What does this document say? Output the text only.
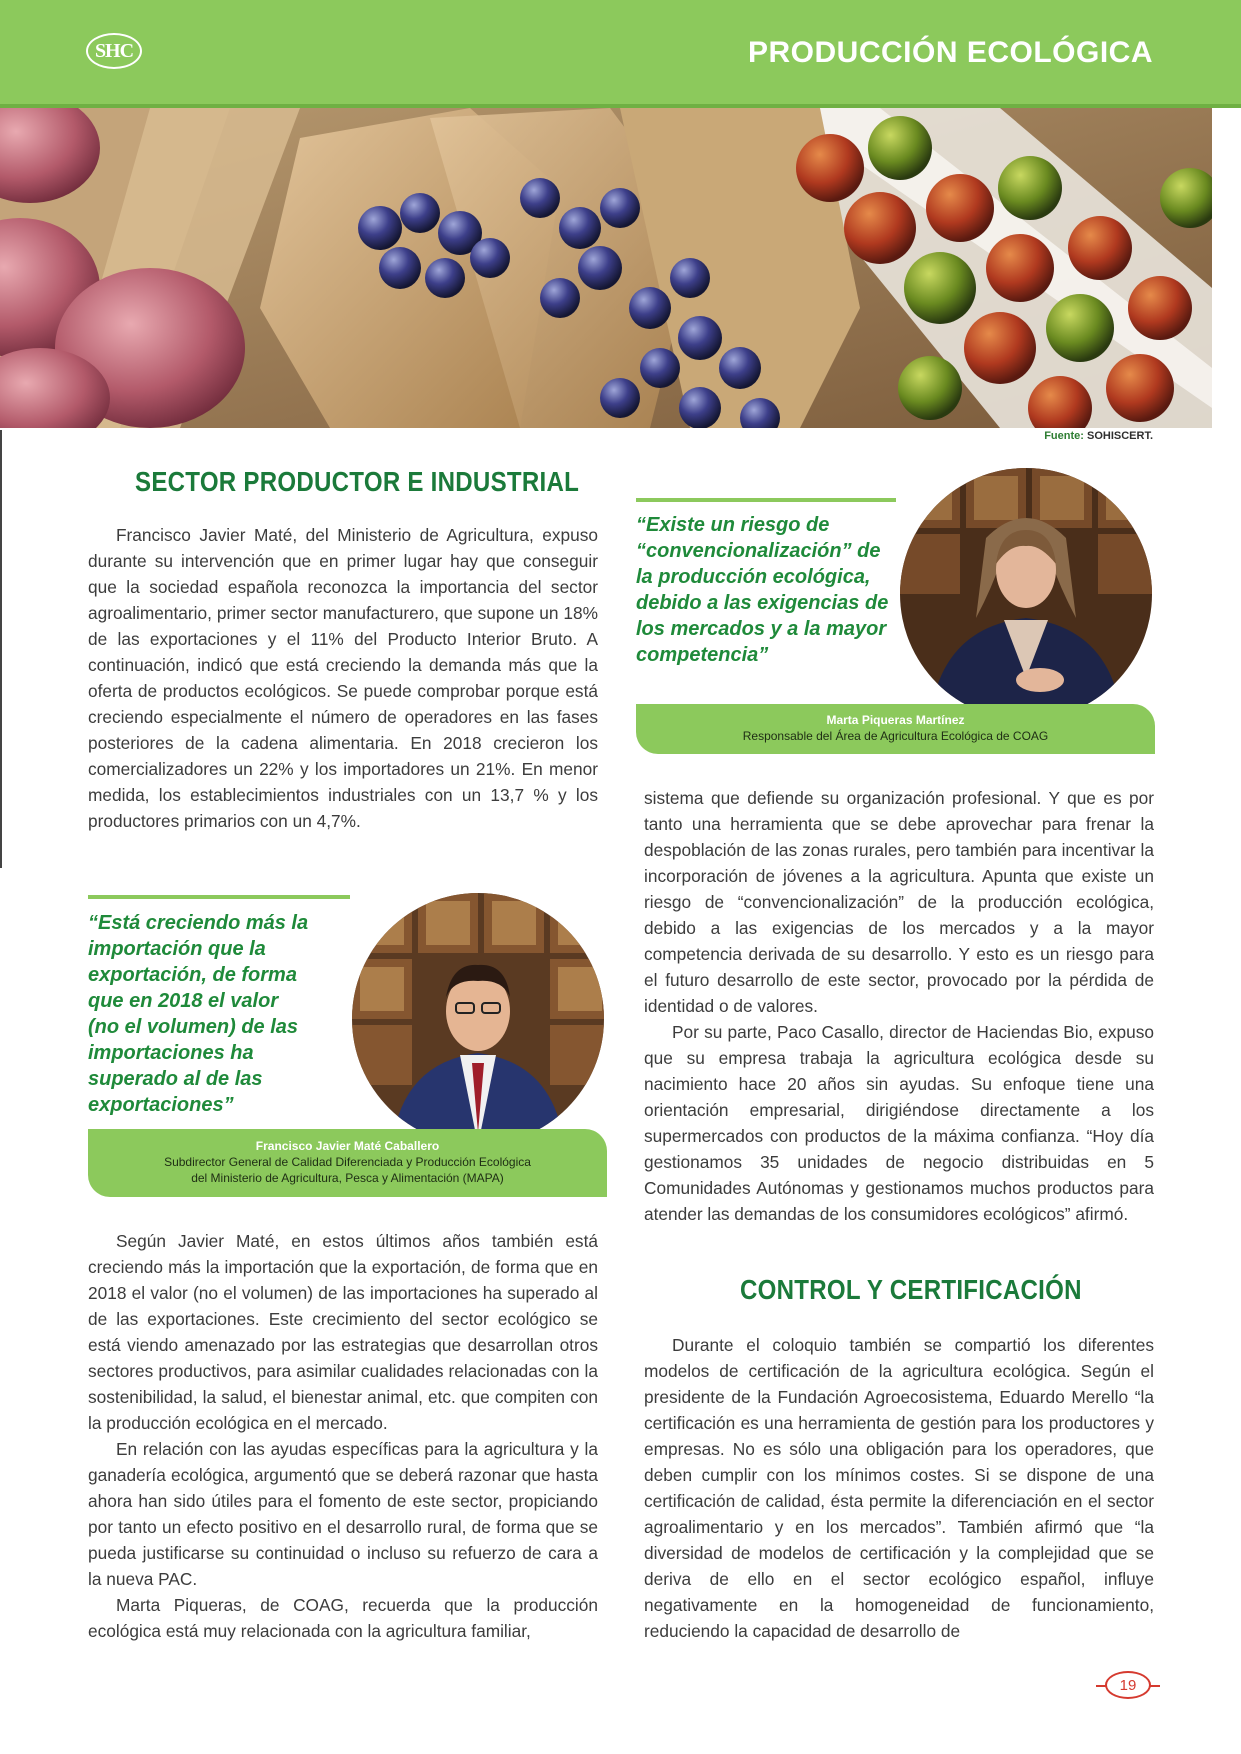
SHC	PRODUCCIÓN ECOLÓGICA
Fuente: SOHISCERT.
SECTOR PRODUCTOR E INDUSTRIAL

Francisco Javier Maté, del Ministerio de Agricultura, expuso durante su intervención que en primer lugar hay que conseguir que la sociedad española reconozca la importancia del sector agroalimentario, primer sector manufacturero, que supone un 18% de las exportaciones y el 11% del Producto Interior Bruto. A continuación, indicó que está creciendo la demanda más que la oferta de productos ecológicos. Se puede comprobar porque está creciendo especialmente el número de operadores en las fases posteriores de la cadena alimentaria. En 2018 crecieron los comercializadores un 22% y los importadores un 21%. En menor medida, los establecimientos industriales con un 13,7 % y los productores primarios con un 4,7%.

“Está creciendo más la importación que la exportación, de forma que en 2018 el valor (no el volumen) de las importaciones ha superado al de las exportaciones”
Francisco Javier Maté Caballero
Subdirector General de Calidad Diferenciada y Producción Ecológica
del Ministerio de Agricultura, Pesca y Alimentación (MAPA)

Según Javier Maté, en estos últimos años también está creciendo más la importación que la exportación, de forma que en 2018 el valor (no el volumen) de las importaciones ha superado al de las exportaciones. Este crecimiento del sector ecológico se está viendo amenazado por las estrategias que desarrollan otros sectores productivos, para asimilar cualidades relacionadas con la sostenibilidad, la salud, el bienestar animal, etc. que compiten con la producción ecológica en el mercado.

En relación con las ayudas específicas para la agricultura y la ganadería ecológica, argumentó que se deberá razonar que hasta ahora han sido útiles para el fomento de este sector, propiciando por tanto un efecto positivo en el desarrollo rural, de forma que se pueda justificarse su continuidad o incluso su refuerzo de cara a la nueva PAC.

Marta Piqueras, de COAG, recuerda que la producción ecológica está muy relacionada con la agricultura familiar,

“Existe un riesgo de “convencionalización” de la producción ecológica, debido a las exigencias de los mercados y a la mayor competencia”
Marta Piqueras Martínez
Responsable del Área de Agricultura Ecológica de COAG

sistema que defiende su organización profesional. Y que es por tanto una herramienta que se debe aprovechar para frenar la despoblación de las zonas rurales, pero también para incentivar la incorporación de jóvenes a la agricultura. Apunta que existe un riesgo de “convencionalización” de la producción ecológica, debido a las exigencias de los mercados y a la mayor competencia derivada de su desarrollo. Y esto es un riesgo para el futuro desarrollo de este sector, provocado por la pérdida de identidad o de valores.

Por su parte, Paco Casallo, director de Haciendas Bio, expuso que su empresa trabaja la agricultura ecológica desde su nacimiento hace 20 años sin ayudas. Su enfoque tiene una orientación empresarial, dirigiéndose directamente a los supermercados con productos de la máxima confianza. “Hoy día gestionamos 35 unidades de negocio distribuidas en 5 Comunidades Autónomas y gestionamos muchos productos para atender las demandas de los consumidores ecológicos” afirmó.

CONTROL Y CERTIFICACIÓN

Durante el coloquio también se compartió los diferentes modelos de certificación de la agricultura ecológica. Según el presidente de la Fundación Agroecosistema, Eduardo Merello “la certificación es una herramienta de gestión para los productores y empresas. No es sólo una obligación para los operadores, que deben cumplir con los mínimos costes. Si se dispone de una certificación de calidad, ésta permite la diferenciación en el sector agroalimentario y en los mercados”. También afirmó que “la diversidad de modelos de certificación y la complejidad que se deriva de ello en el sector ecológico español, influye negativamente en la homogeneidad de funcionamiento, reduciendo la capacidad de desarrollo de

19
